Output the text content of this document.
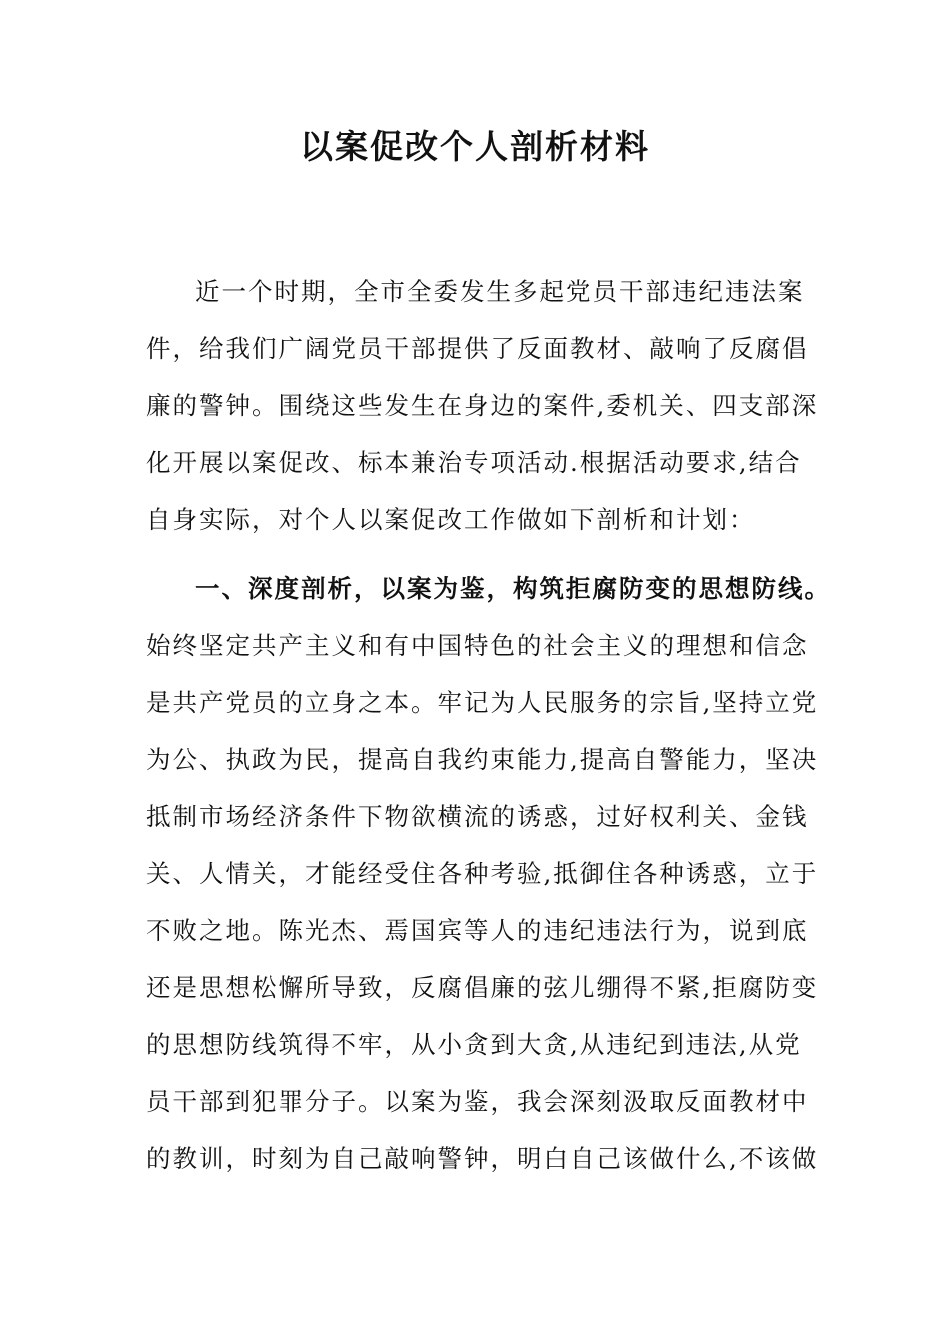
以案促改个人剖析材料
近一个时期，全市全委发生多起党员干部违纪违法案
件，给我们广阔党员干部提供了反面教材、敲响了反腐倡
廉的警钟。围绕这些发生在身边的案件,委机关、四支部深
化开展以案促改、标本兼治专项活动.根据活动要求,结合
自身实际，对个人以案促改工作做如下剖析和计划：
一、深度剖析，以案为鉴，构筑拒腐防变的思想防线。
始终坚定共产主义和有中国特色的社会主义的理想和信念
是共产党员的立身之本。牢记为人民服务的宗旨,坚持立党
为公、执政为民，提高自我约束能力,提高自警能力，坚决
抵制市场经济条件下物欲横流的诱惑，过好权利关、金钱
关、人情关，才能经受住各种考验,抵御住各种诱惑，立于
不败之地。陈光杰、焉国宾等人的违纪违法行为，说到底
还是思想松懈所导致，反腐倡廉的弦儿绷得不紧,拒腐防变
的思想防线筑得不牢，从小贪到大贪,从违纪到违法,从党
员干部到犯罪分子。以案为鉴，我会深刻汲取反面教材中
的教训，时刻为自己敲响警钟，明白自己该做什么,不该做
